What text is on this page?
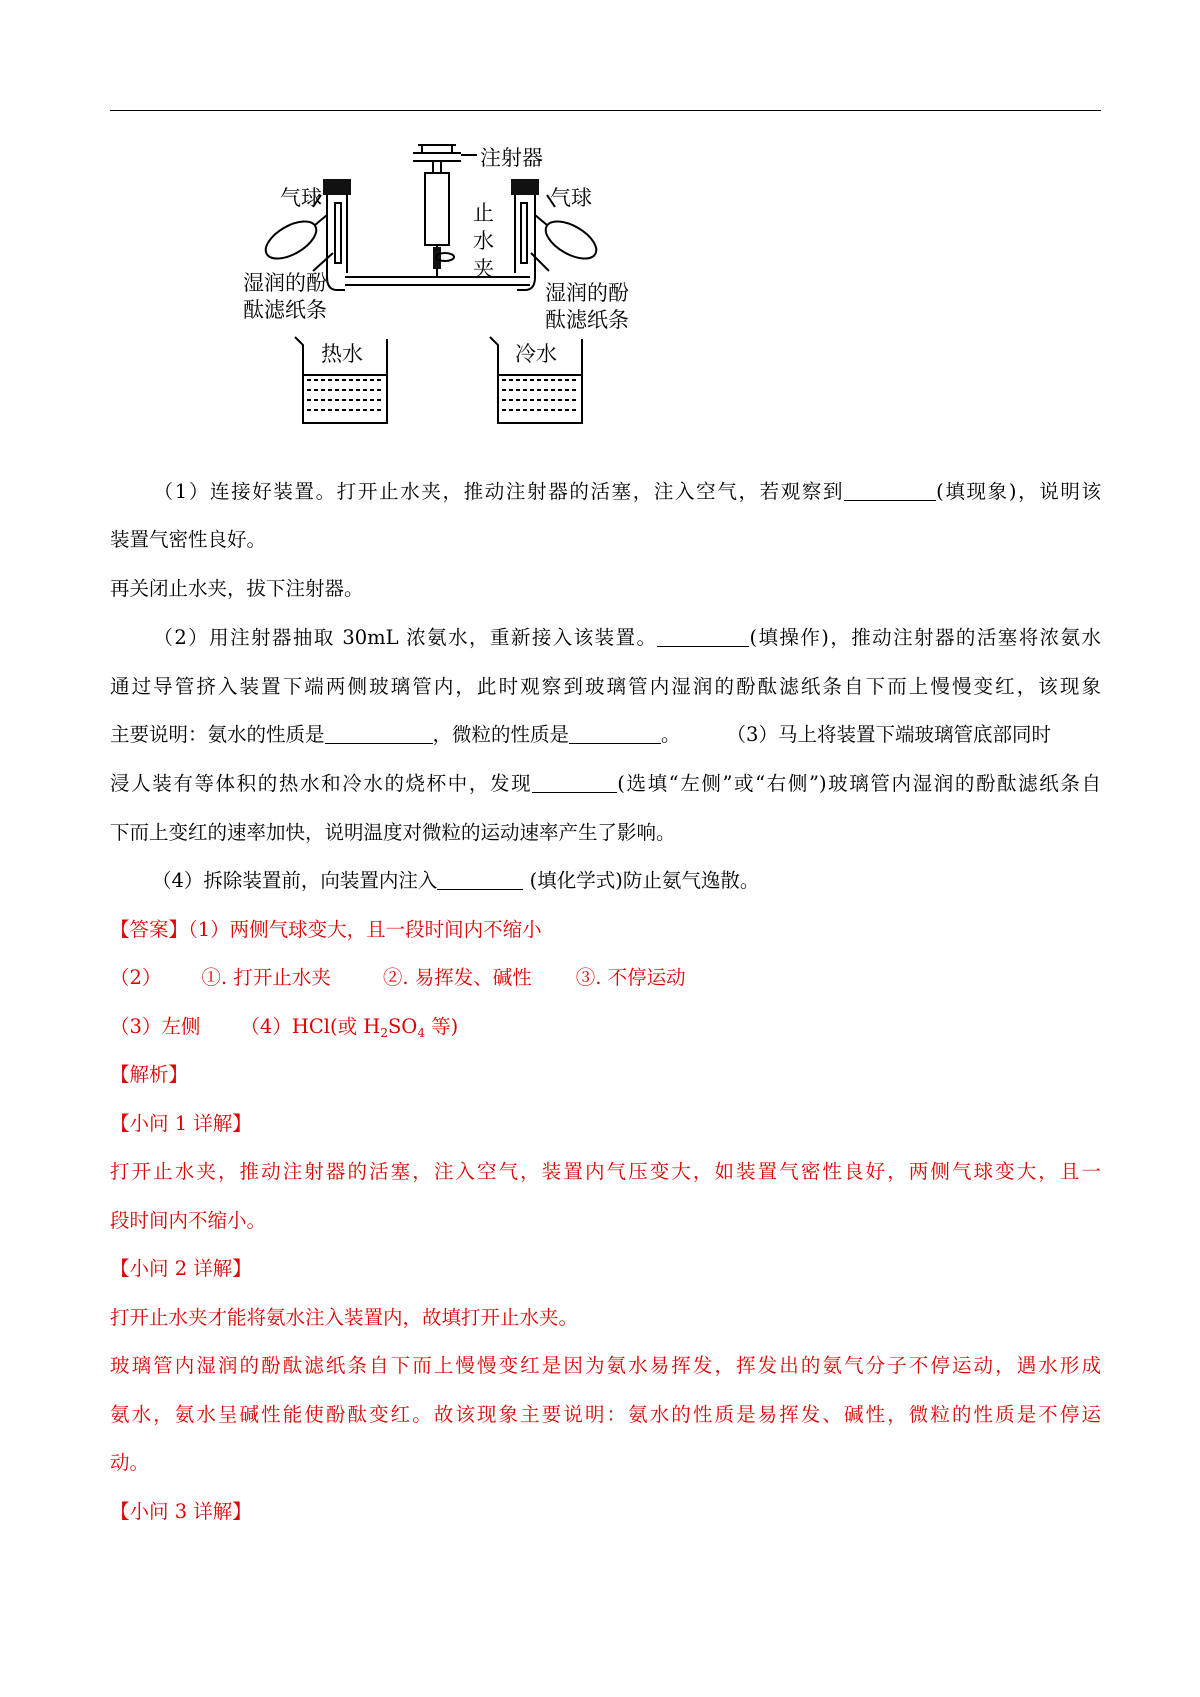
注射器
止
水
夹
气球	气球
湿润的酚
酞滤纸条
湿润的酚
酞滤纸条
热水	冷水
（1）连接好装置。打开止水夹，推动注射器的活塞，注入空气，若观察到	(填现象)，说明该
装置气密性良好。
再关闭止水夹，拔下注射器。
（2）用注射器抽取 30mL 浓氨水，重新接入该装置。	(填操作)，推动注射器的活塞将浓氨水
通过导管挤入装置下端两侧玻璃管内，此时观察到玻璃管内湿润的酚酞滤纸条自下而上慢慢变红，该现象
主要说明：氨水的性质是	，微粒的性质是	。 （3）马上将装置下端玻璃管底部同时
浸人装有等体积的热水和冷水的烧杯中，发现	(选填“左侧”或“右侧”)玻璃管内湿润的酚酞滤纸条自
下而上变红的速率加快，说明温度对微粒的运动速率产生了影响。
（4）拆除装置前，向装置内注入	(填化学式)防止氨气逸散。
【答案】（1）两侧气球变大，且一段时间内不缩小
（2） ①. 打开止水夹	②. 易挥发、碱性 ③. 不停运动
（3）左侧 （4）HCl(或 $H_2SO_4$ 等)
【解析】
【小问 1 详解】
打开止水夹，推动注射器的活塞，注入空气，装置内气压变大，如装置气密性良好，两侧气球变大，且一
段时间内不缩小。
【小问 2 详解】
打开止水夹才能将氨水注入装置内，故填打开止水夹。
玻璃管内湿润的酚酞滤纸条自下而上慢慢变红是因为氨水易挥发，挥发出的氨气分子不停运动，遇水形成
氨水，氨水呈碱性能使酚酞变红。故该现象主要说明：氨水的性质是易挥发、碱性，微粒的性质是不停运
动。
【小问 3 详解】
